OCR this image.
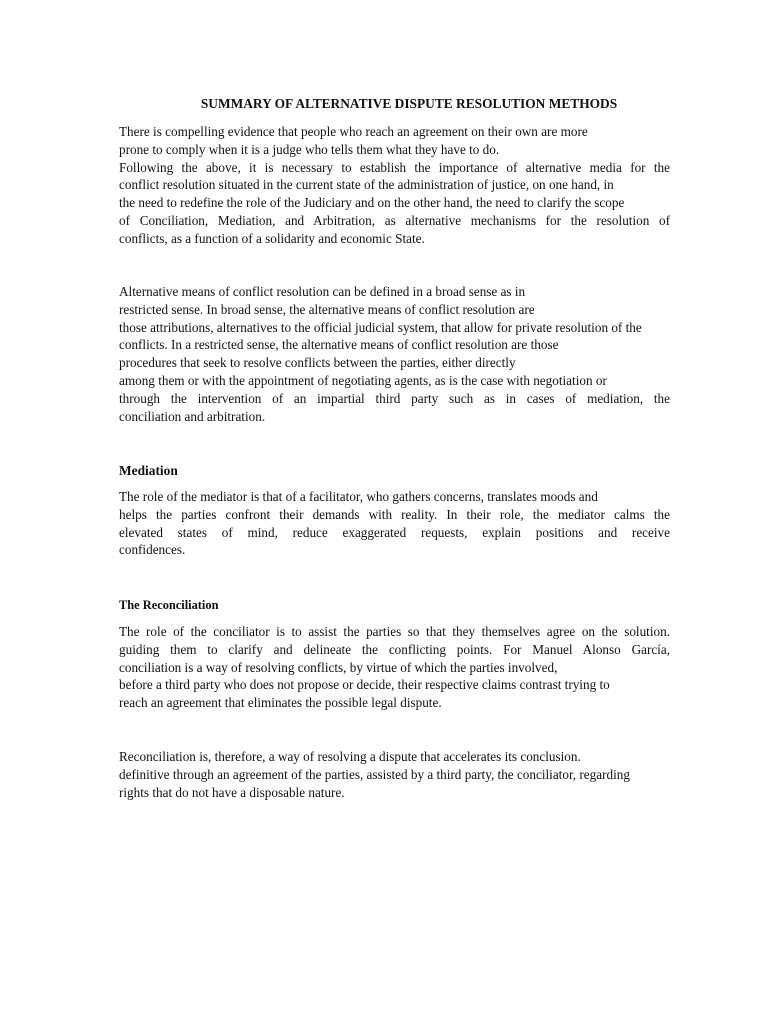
SUMMARY OF ALTERNATIVE DISPUTE RESOLUTION METHODS
There is compelling evidence that people who reach an agreement on their own are more
prone to comply when it is a judge who tells them what they have to do.
Following the above, it is necessary to establish the importance of alternative media for the
conflict resolution situated in the current state of the administration of justice, on one hand, in
the need to redefine the role of the Judiciary and on the other hand, the need to clarify the scope
of Conciliation, Mediation, and Arbitration, as alternative mechanisms for the resolution of
conflicts, as a function of a solidarity and economic State.
Alternative means of conflict resolution can be defined in a broad sense as in
restricted sense. In broad sense, the alternative means of conflict resolution are
those attributions, alternatives to the official judicial system, that allow for private resolution of the
conflicts. In a restricted sense, the alternative means of conflict resolution are those
procedures that seek to resolve conflicts between the parties, either directly
among them or with the appointment of negotiating agents, as is the case with negotiation or
through the intervention of an impartial third party such as in cases of mediation, the
conciliation and arbitration.
Mediation
The role of the mediator is that of a facilitator, who gathers concerns, translates moods and
helps the parties confront their demands with reality. In their role, the mediator calms the
elevated states of mind, reduce exaggerated requests, explain positions and receive
confidences.
The Reconciliation
The role of the conciliator is to assist the parties so that they themselves agree on the solution.
guiding them to clarify and delineate the conflicting points. For Manuel Alonso García,
conciliation is a way of resolving conflicts, by virtue of which the parties involved,
before a third party who does not propose or decide, their respective claims contrast trying to
reach an agreement that eliminates the possible legal dispute.
Reconciliation is, therefore, a way of resolving a dispute that accelerates its conclusion.
definitive through an agreement of the parties, assisted by a third party, the conciliator, regarding
rights that do not have a disposable nature.
